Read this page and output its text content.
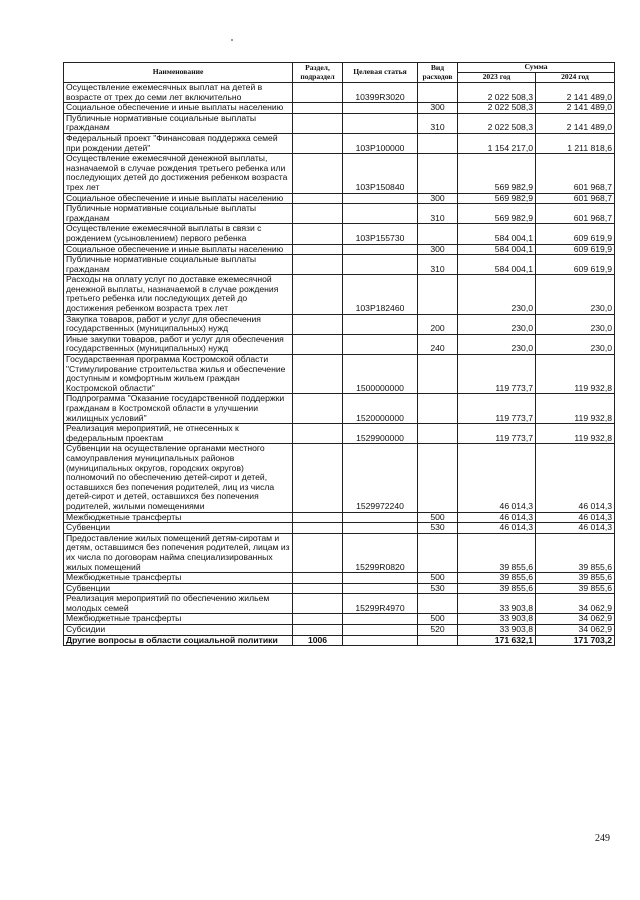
Наименование	Раздел, подраздел	Целевая статья	Вид расходов	Сумма	
				2023 год	2024 год
Осуществление ежемесячных выплат на детей в возрасте от трех до семи лет включительно		10399R3020		2 022 508,3	2 141 489,0
Социальное обеспечение и иные выплаты населению			300	2 022 508,3	2 141 489,0
Публичные нормативные социальные выплаты гражданам			310	2 022 508,3	2 141 489,0
Федеральный проект "Финансовая поддержка семей при рождении детей"		103P100000		1 154 217,0	1 211 818,6
Осуществление ежемесячной денежной выплаты, назначаемой в случае рождения третьего ребенка или последующих детей до достижения ребенком возраста трех лет		103P150840		569 982,9	601 968,7
Социальное обеспечение и иные выплаты населению			300	569 982,9	601 968,7
Публичные нормативные социальные выплаты гражданам			310	569 982,9	601 968,7
Осуществление ежемесячной выплаты в связи с рождением (усыновлением) первого ребенка		103P155730		584 004,1	609 619,9
Социальное обеспечение и иные выплаты населению			300	584 004,1	609 619,9
Публичные нормативные социальные выплаты гражданам			310	584 004,1	609 619,9
Расходы на оплату услуг по доставке ежемесячной денежной выплаты, назначаемой в случае рождения третьего ребенка или последующих детей до достижения ребенком возраста трех лет		103P182460		230,0	230,0
Закупка товаров, работ и услуг для обеспечения государственных (муниципальных) нужд			200	230,0	230,0
Иные закупки товаров, работ и услуг для обеспечения государственных (муниципальных) нужд			240	230,0	230,0
Государственная программа Костромской области "Стимулирование строительства жилья и обеспечение доступным и комфортным жильем граждан Костромской области"		1500000000		119 773,7	119 932,8
Подпрограмма "Оказание государственной поддержки гражданам в Костромской области в улучшении жилищных условий"		1520000000		119 773,7	119 932,8
Реализация мероприятий, не отнесенных к федеральным проектам		1529900000		119 773,7	119 932,8
Субвенции на осуществление органами местного самоуправления муниципальных районов (муниципальных округов, городских округов) полномочий по обеспечению детей-сирот и детей, оставшихся без попечения родителей, лиц из числа детей-сирот и детей, оставшихся без попечения родителей, жилыми помещениями		1529972240		46 014,3	46 014,3
Межбюджетные трансферты			500	46 014,3	46 014,3
Субвенции			530	46 014,3	46 014,3
Предоставление жилых помещений детям-сиротам и детям, оставшимся без попечения родителей, лицам из их числа по договорам найма специализированных жилых помещений		15299R0820		39 855,6	39 855,6
Межбюджетные трансферты			500	39 855,6	39 855,6
Субвенции			530	39 855,6	39 855,6
Реализация мероприятий по обеспечению жильем молодых семей		15299R4970		33 903,8	34 062,9
Межбюджетные трансферты			500	33 903,8	34 062,9
Субсидии			520	33 903,8	34 062,9
Другие вопросы в области социальной политики	1006			171 632,1	171 703,2
249
